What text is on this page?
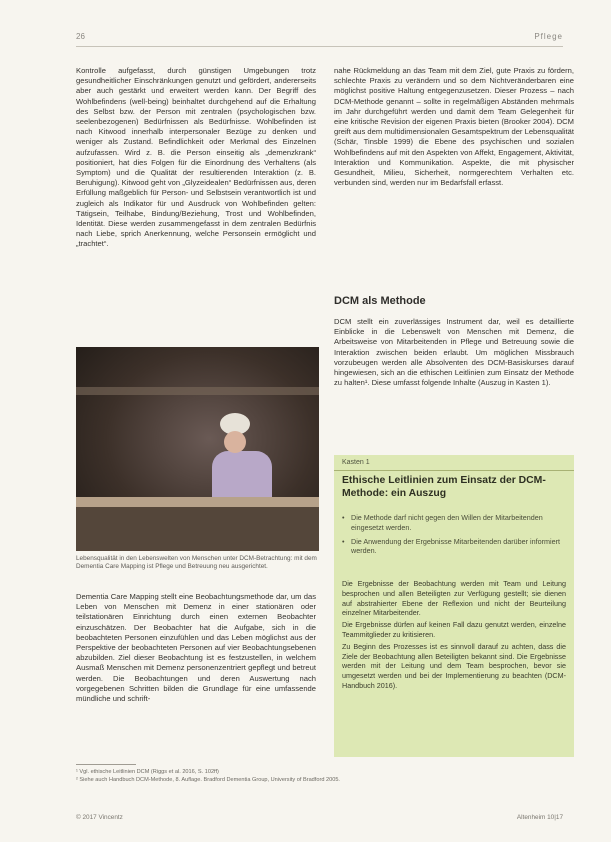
26	Pflege

Kontrolle aufgefasst, durch günstigen Umgebungen trotz gesundheitlicher Einschränkungen genutzt und gefördert, andererseits aber auch gestärkt und erweitert werden kann. Der Begriff des Wohlbefindens (well-being) beinhaltet durchgehend auf die Erhaltung des Selbst bzw. der Person mit zentralen (psychologischen bzw. seelenbezogenen) Bedürfnissen als Bedürfnisse. Wohlbefinden ist nach Kitwood innerhalb interpersonaler Bezüge zu denken und weniger als Zustand. Befindlichkeit oder Merkmal des Einzelnen aufzufassen. Wird z. B. die Person einseitig als „demenzkrank“ positioniert, hat dies Folgen für die Einordnung des Verhaltens (als Symptom) und die Qualität der resultierenden Interaktion (z. B. Beruhigung). Kitwood geht von „Glyzeidealen“ Bedürfnissen aus, deren Erfüllung maßgeblich für Person- und Selbstsein verantwortlich ist und zugleich als Indikator für und Ausdruck von Wohlbefinden gelten: Tätigsein, Teilhabe, Bindung/Beziehung, Trost und Wohlbefinden, Identität. Diese werden zusammengefasst in dem zentralen Bedürfnis nach Liebe, sprich Anerkennung, welche Personsein ermöglicht und „trachtet“.

nahe Rückmeldung an das Team mit dem Ziel, gute Praxis zu fördern, schlechte Praxis zu verändern und so dem Nichtveränderbaren eine möglichst positive Haltung entgegenzusetzen. Dieser Prozess – nach DCM-Methode genannt – sollte in regelmäßigen Abständen mehrmals im Jahr durchgeführt werden und damit dem Team Gelegenheit für eine kritische Revision der eigenen Praxis bieten (Brooker 2004). DCM greift aus dem multidimensionalen Gesamtspektrum der Lebensqualität (Schär, Tinsble 1999) die Ebene des psychischen und sozialen Wohlbefindens auf mit den Aspekten von Affekt, Engagement, Aktivität, Interaktion und Kommunikation. Aspekte, die mit physischer Gesundheit, Milieu, Sicherheit, normgerechtem Verhalten etc. verbunden sind, werden nur im Bedarfsfall erfasst.

DCM als Methode

DCM stellt ein zuverlässiges Instrument dar, weil es detaillierte Einblicke in die Lebenswelt von Menschen mit Demenz, die Arbeitsweise von Mitarbeitenden in Pflege und Betreuung sowie die Interaktion zwischen beiden erlaubt. Um möglichen Missbrauch vorzubeugen werden alle Absolventen des DCM-Basiskurses darauf hingewiesen, sich an die ethischen Leitlinien zum Einsatz der Methode zu halten¹. Diese umfasst folgende Inhalte (Auszug in Kasten 1).

Lebensqualität in den Lebenswelten von Menschen unter DCM-Betrachtung: mit dem Dementia Care Mapping ist Pflege und Betreuung neu ausgerichtet.

Dementia Care Mapping stellt eine Beobachtungsmethode dar, um das Leben von Menschen mit Demenz in einer stationären oder teilstationären Einrichtung durch einen externen Beobachter einzuschätzen. Der Beobachter hat die Aufgabe, sich in die beobachteten Personen einzufühlen und das Leben möglichst aus der Perspektive der beobachteten Personen auf vier Beobachtungsebenen abzubilden. Ziel dieser Beobachtung ist es festzustellen, in welchem Ausmaß Menschen mit Demenz personenzentriert gepflegt und betreut werden. Die Beobachtungen und deren Auswertung nach vorgegebenen Schritten bilden die Grundlage für eine umfassende mündliche und schrift-

Kasten 1
Ethische Leitlinien zum Einsatz der DCM-Methode: ein Auszug
• Die Methode darf nicht gegen den Willen der Mitarbeitenden eingesetzt werden.
• Die Anwendung der Ergebnisse Mitarbeitenden darüber informiert werden.

Die Ergebnisse der Beobachtung werden mit Team und Leitung besprochen und allen Beteiligten zur Verfügung gestellt; sie dienen auf abstrahierter Ebene der Reflexion und nicht der Beurteilung einzelner Mitarbeitender.

Die Ergebnisse dürfen auf keinen Fall dazu genutzt werden, einzelne Teammitglieder zu kritisieren.

Zu Beginn des Prozesses ist es sinnvoll darauf zu achten, dass die Ziele der Beobachtung allen Beteiligten bekannt sind. Die Ergebnisse werden mit der Leitung und dem Team besprochen, bevor sie umgesetzt werden und bei der Implementierung zu beachten (DCM-Handbuch 2016).

¹ Vgl. ethische Leitlinien DCM (Riggs et al. 2016, S. 102ff)
² Siehe auch Handbuch DCM-Methode, 8. Auflage. Bradford Dementia Group, University of Bradford 2005.
© 2017 Vincentz	Altenheim 10|17
